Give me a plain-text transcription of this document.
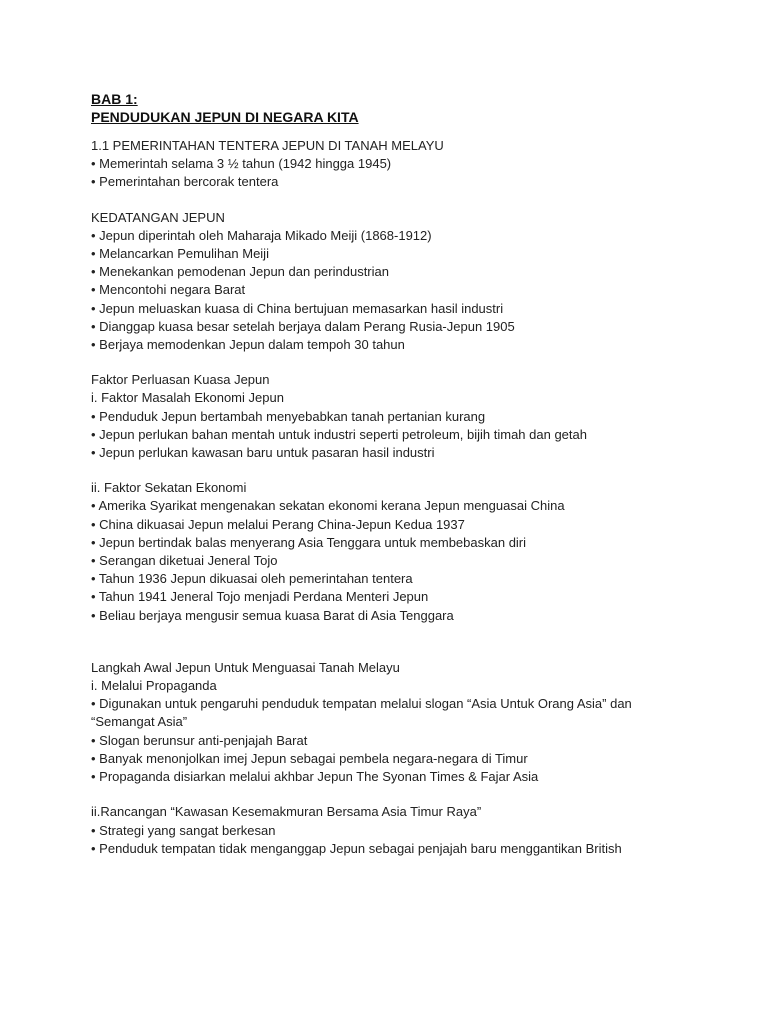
BAB 1:
PENDUDUKAN JEPUN DI NEGARA KITA
1.1 PEMERINTAHAN TENTERA JEPUN DI TANAH MELAYU
• Memerintah selama 3 ½ tahun (1942 hingga 1945)
• Pemerintahan bercorak tentera
KEDATANGAN JEPUN
• Jepun diperintah oleh Maharaja Mikado Meiji (1868-1912)
• Melancarkan Pemulihan Meiji
• Menekankan pemodenan Jepun dan perindustrian
• Mencontohi negara Barat
• Jepun meluaskan kuasa di China bertujuan memasarkan hasil industri
• Dianggap kuasa besar setelah berjaya dalam Perang Rusia-Jepun 1905
• Berjaya memodenkan Jepun dalam tempoh 30 tahun
Faktor Perluasan Kuasa Jepun
i. Faktor Masalah Ekonomi Jepun
• Penduduk Jepun bertambah menyebabkan tanah pertanian kurang
• Jepun perlukan bahan mentah untuk industri seperti petroleum, bijih timah dan getah
• Jepun perlukan kawasan baru untuk pasaran hasil industri
ii. Faktor Sekatan Ekonomi
• Amerika Syarikat mengenakan sekatan ekonomi kerana Jepun menguasai China
• China dikuasai Jepun melalui Perang China-Jepun Kedua 1937
• Jepun bertindak balas menyerang Asia Tenggara untuk membebaskan diri
• Serangan diketuai Jeneral Tojo
• Tahun 1936 Jepun dikuasai oleh pemerintahan tentera
• Tahun 1941 Jeneral Tojo menjadi Perdana Menteri Jepun
• Beliau berjaya mengusir semua kuasa Barat di Asia Tenggara
Langkah Awal Jepun Untuk Menguasai Tanah Melayu
i. Melalui Propaganda
• Digunakan untuk pengaruhi penduduk tempatan melalui slogan “Asia Untuk Orang Asia” dan
“Semangat Asia”
• Slogan berunsur anti-penjajah Barat
• Banyak menonjolkan imej Jepun sebagai pembela negara-negara di Timur
• Propaganda disiarkan melalui akhbar Jepun The Syonan Times & Fajar Asia
ii.Rancangan “Kawasan Kesemakmuran Bersama Asia Timur Raya”
• Strategi yang sangat berkesan
• Penduduk tempatan tidak menganggap Jepun sebagai penjajah baru menggantikan British
